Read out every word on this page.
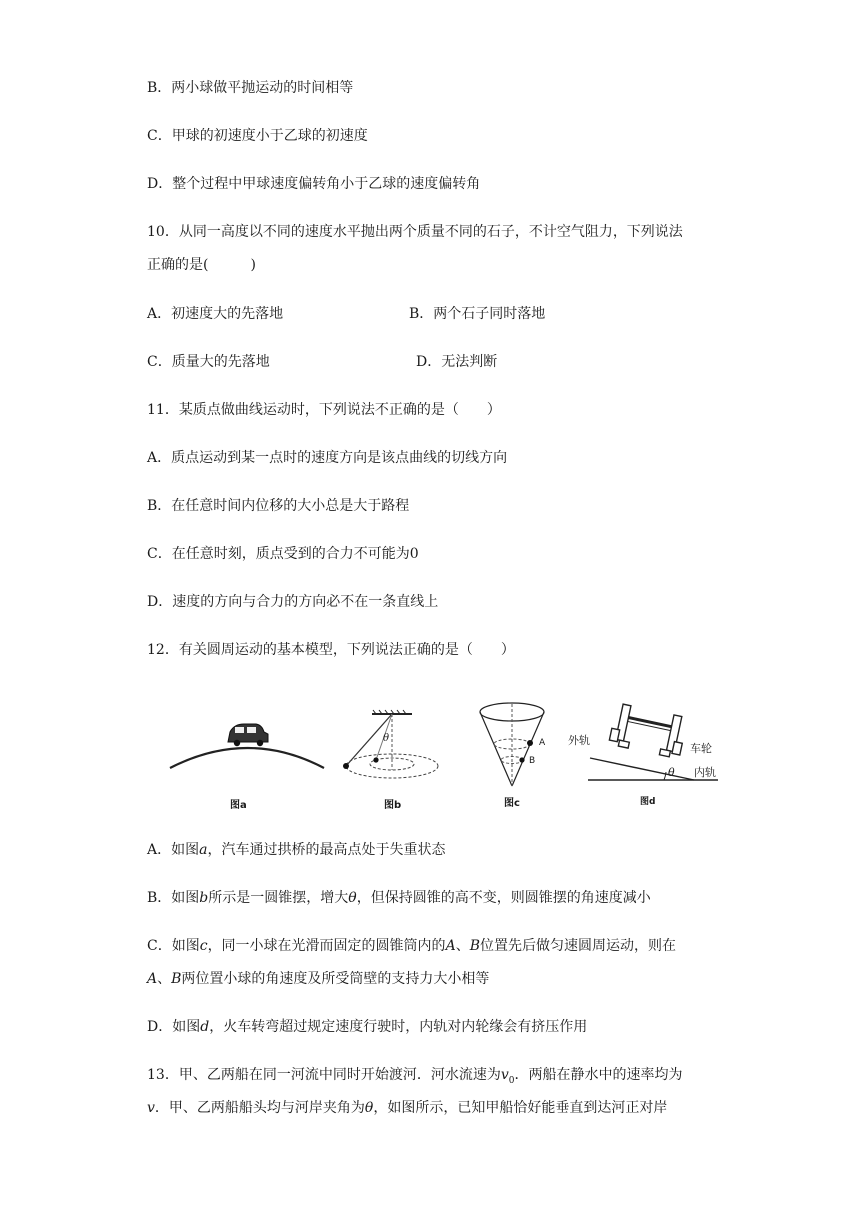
B．两小球做平抛运动的时间相等
C．甲球的初速度小于乙球的初速度
D．整个过程中甲球速度偏转角小于乙球的速度偏转角
10．从同一高度以不同的速度水平抛出两个质量不同的石子，不计空气阻力，下列说法
正确的是(　　　)
A．初速度大的先落地	B．两个石子同时落地
C．质量大的先落地	D．无法判断
11．某质点做曲线运动时，下列说法不正确的是（　　）
A．质点运动到某一点时的速度方向是该点曲线的切线方向
B．在任意时间内位移的大小总是大于路程
C．在任意时刻，质点受到的合力不可能为0
D．速度的方向与合力的方向必不在一条直线上
12．有关圆周运动的基本模型，下列说法正确的是（　　）
图a
θ
图b
A
B
图c
外轨
车轮
内轨
θ
图d
A．如图a，汽车通过拱桥的最高点处于失重状态
B．如图b所示是一圆锥摆，增大θ，但保持圆锥的高不变，则圆锥摆的角速度减小
C．如图c，同一小球在光滑而固定的圆锥筒内的A、B位置先后做匀速圆周运动，则在
A、B两位置小球的角速度及所受筒壁的支持力大小相等
D．如图d，火车转弯超过规定速度行驶时，内轨对内轮缘会有挤压作用
13．甲、乙两船在同一河流中同时开始渡河．河水流速为$v_0$．两船在静水中的速率均为
v．甲、乙两船船头均与河岸夹角为θ，如图所示，已知甲船恰好能垂直到达河正对岸
